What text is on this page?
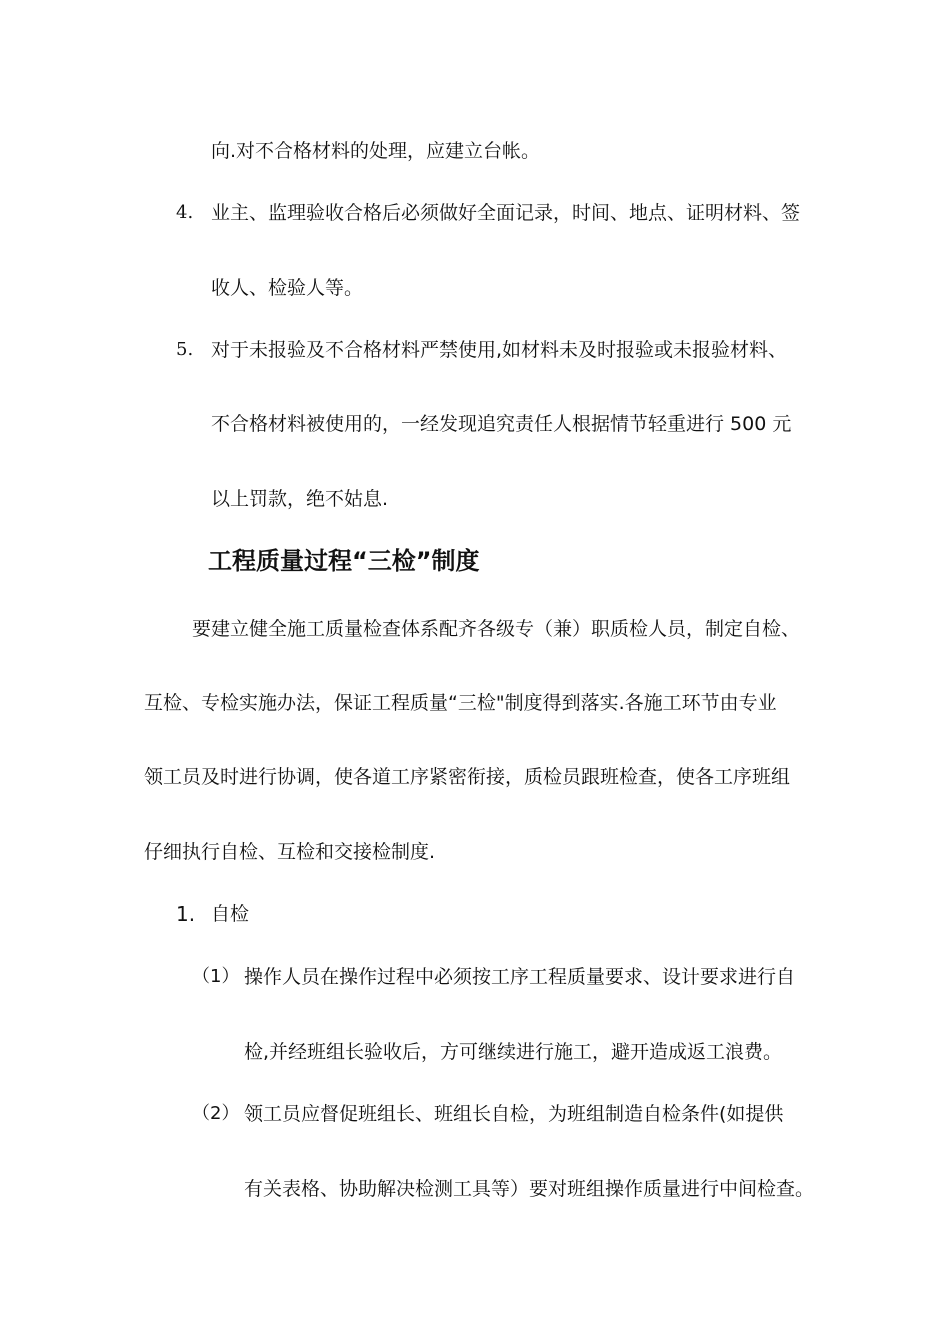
向.对不合格材料的处理，应建立台帐。

4. 业主、监理验收合格后必须做好全面记录，时间、地点、证明材料、签

收人、检验人等。

5. 对于未报验及不合格材料严禁使用,如材料未及时报验或未报验材料、

不合格材料被使用的，一经发现追究责任人根据情节轻重进行 500 元

以上罚款，绝不姑息.

工程质量过程“三检”制度

要建立健全施工质量检查体系配齐各级专（兼）职质检人员，制定自检、

互检、专检实施办法，保证工程质量“三检"制度得到落实.各施工环节由专业

领工员及时进行协调，使各道工序紧密衔接，质检员跟班检查，使各工序班组

仔细执行自检、互检和交接检制度.

1. 自检

（1） 操作人员在操作过程中必须按工序工程质量要求、设计要求进行自

检,并经班组长验收后，方可继续进行施工，避开造成返工浪费。

（2） 领工员应督促班组长、班组长自检，为班组制造自检条件(如提供

有关表格、协助解决检测工具等）要对班组操作质量进行中间检查。
